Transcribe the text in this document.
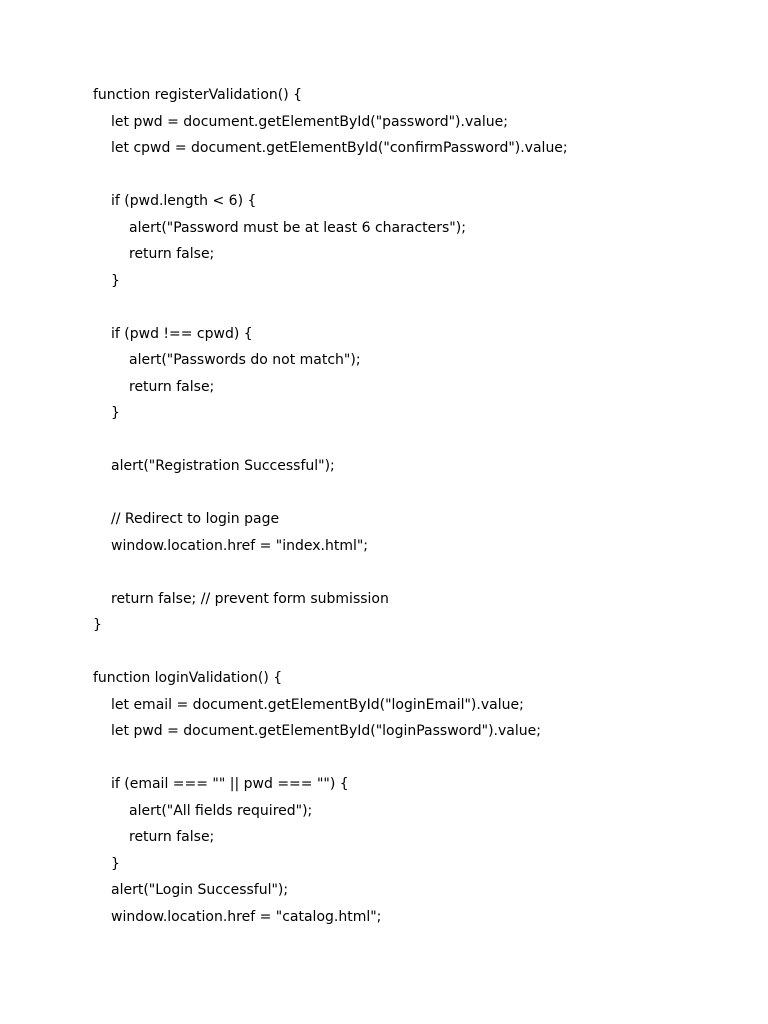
function registerValidation() {
let pwd = document.getElementById("password").value;
let cpwd = document.getElementById("confirmPassword").value;
if (pwd.length < 6) {
alert("Password must be at least 6 characters");
return false;
}
if (pwd !== cpwd) {
alert("Passwords do not match");
return false;
}
alert("Registration Successful");
// Redirect to login page
window.location.href = "index.html";
return false; // prevent form submission
}
function loginValidation() {
let email = document.getElementById("loginEmail").value;
let pwd = document.getElementById("loginPassword").value;
if (email === "" || pwd === "") {
alert("All fields required");
return false;
}
alert("Login Successful");
window.location.href = "catalog.html";
